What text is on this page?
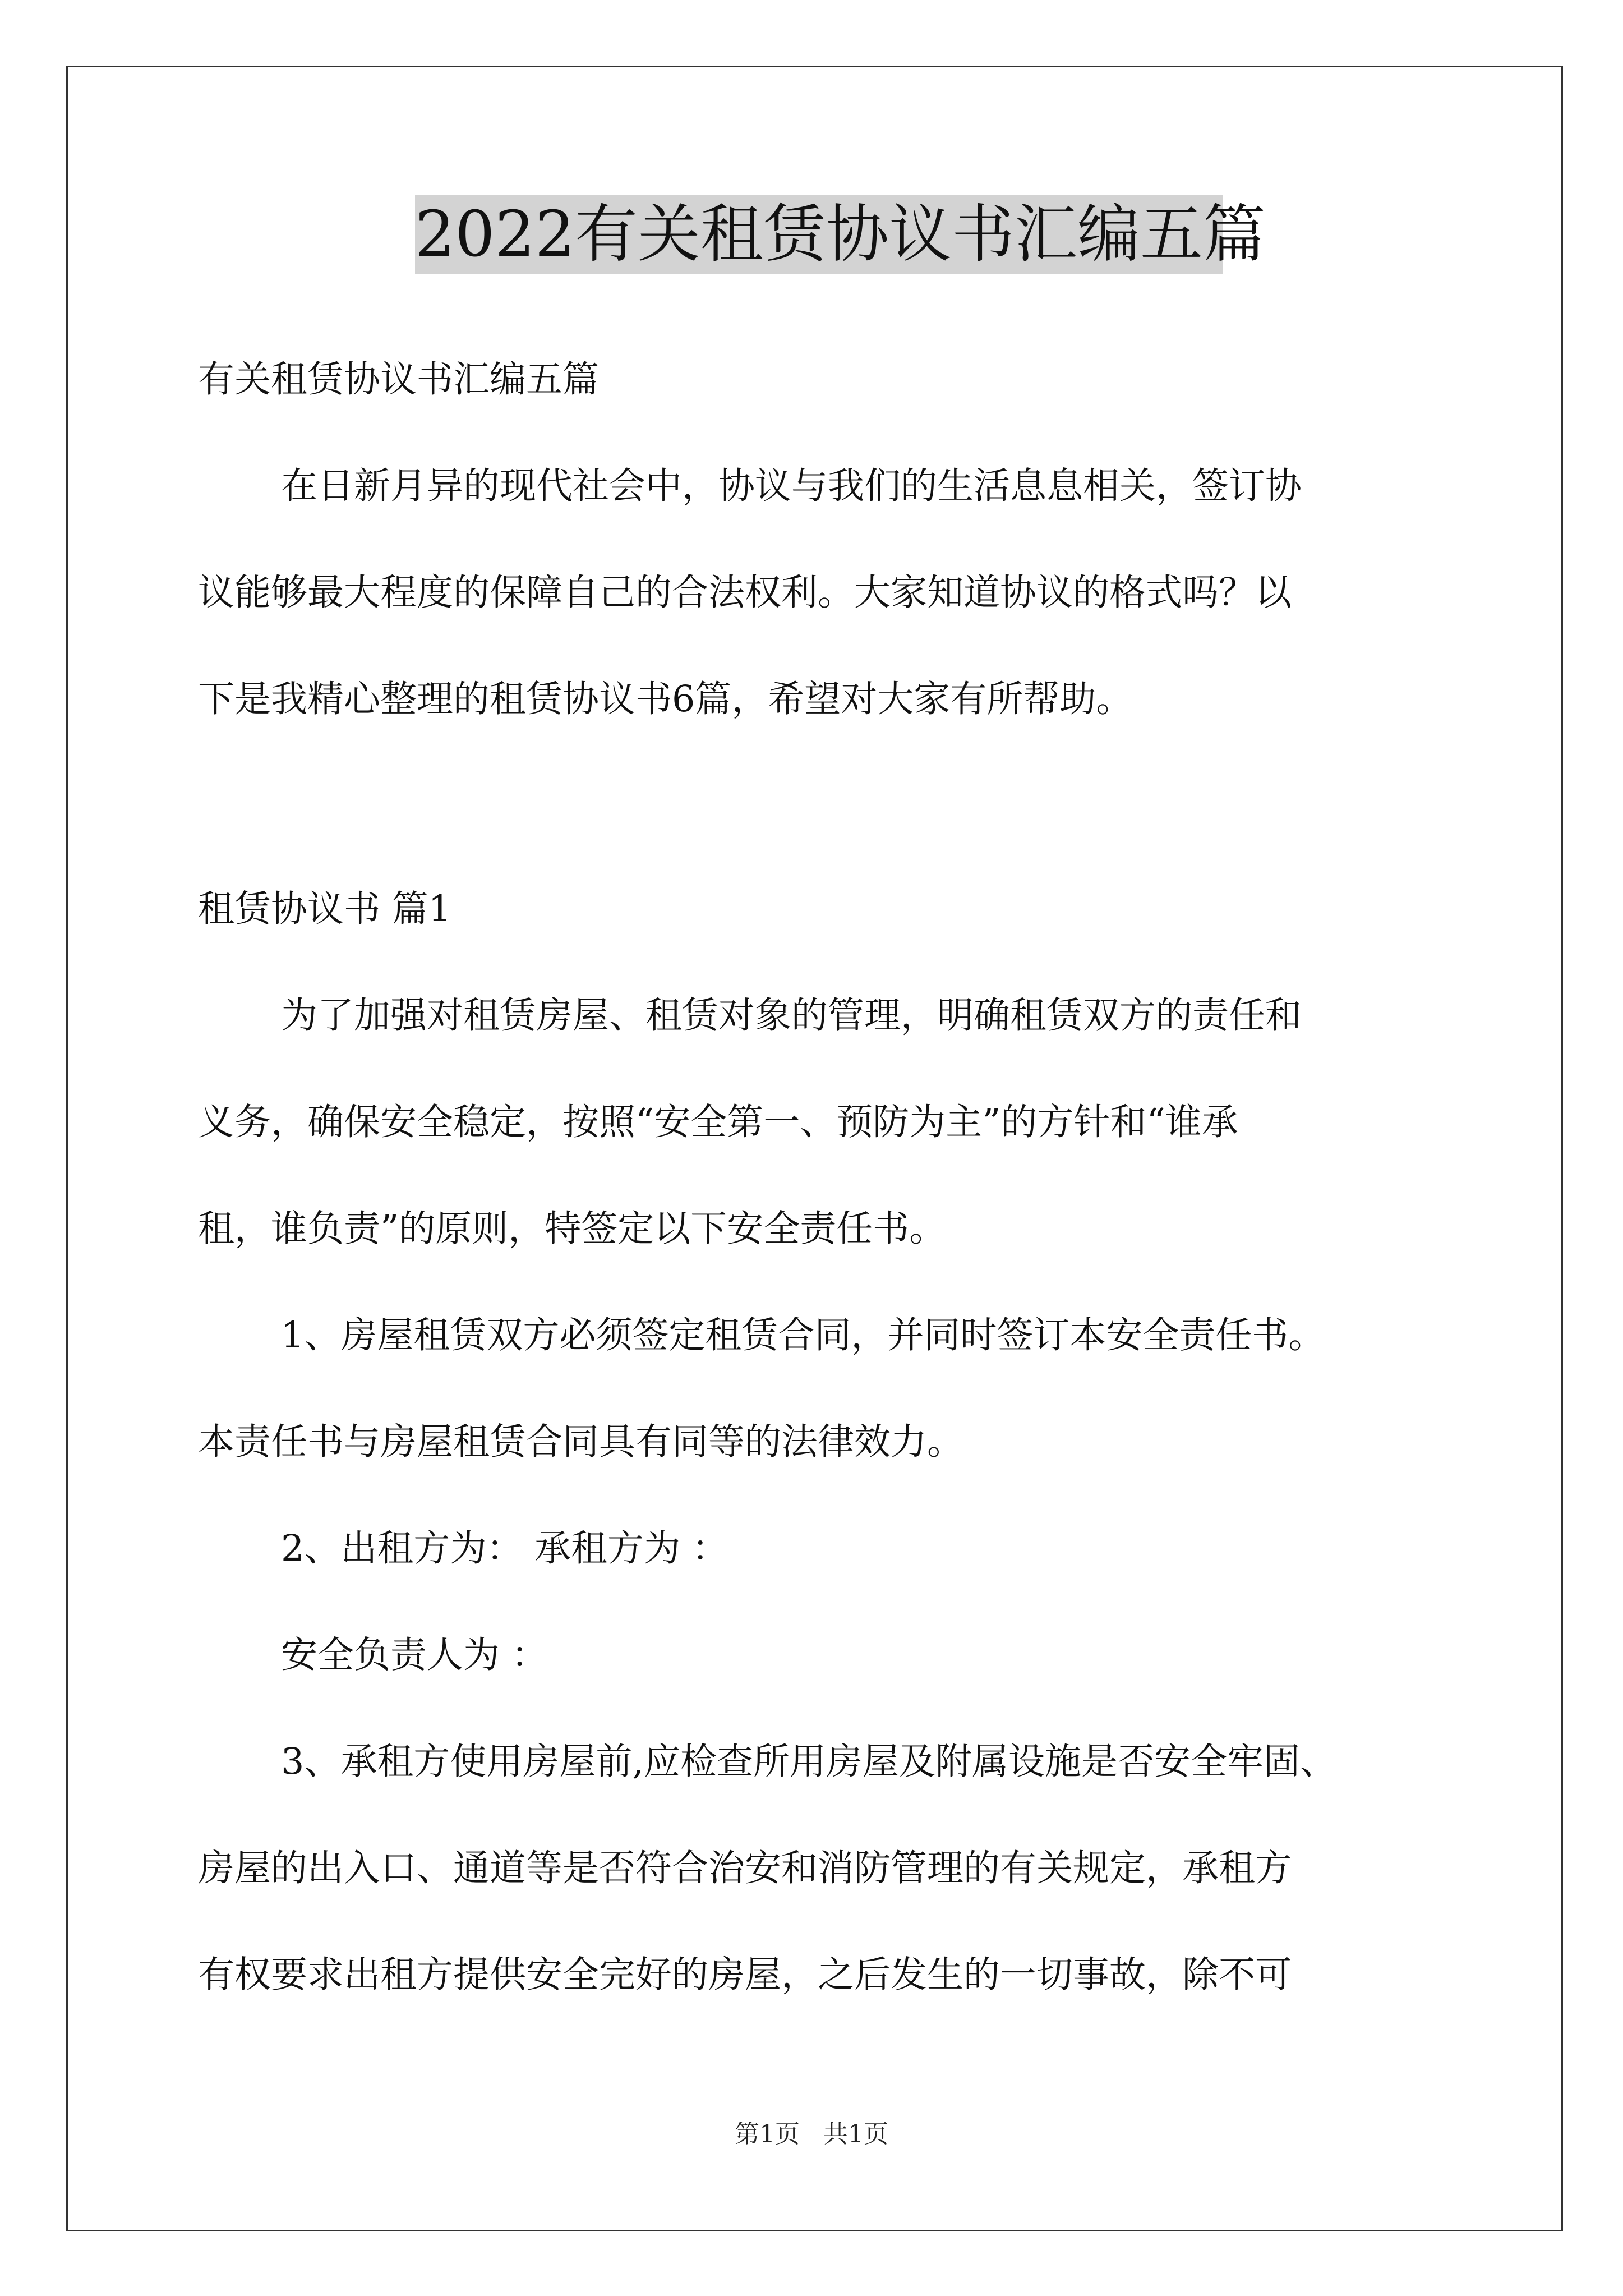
2022有关租赁协议书汇编五篇
有关租赁协议书汇编五篇
在日新月异的现代社会中，协议与我们的生活息息相关，签订协
议能够最大程度的保障自己的合法权利。大家知道协议的格式吗？以
下是我精心整理的租赁协议书6篇，希望对大家有所帮助。
租赁协议书 篇1
为了加强对租赁房屋、租赁对象的管理，明确租赁双方的责任和
义务，确保安全稳定，按照“安全第一、预防为主”的方针和“谁承
租，谁负责”的原则，特签定以下安全责任书。
1、房屋租赁双方必须签定租赁合同，并同时签订本安全责任书。
本责任书与房屋租赁合同具有同等的法律效力。
2、出租方为： 承租方为 ：
安全负责人为 ：
3、承租方使用房屋前,应检查所用房屋及附属设施是否安全牢固、
房屋的出入口、通道等是否符合治安和消防管理的有关规定，承租方
有权要求出租方提供安全完好的房屋，之后发生的一切事故，除不可
第1页   共1页
